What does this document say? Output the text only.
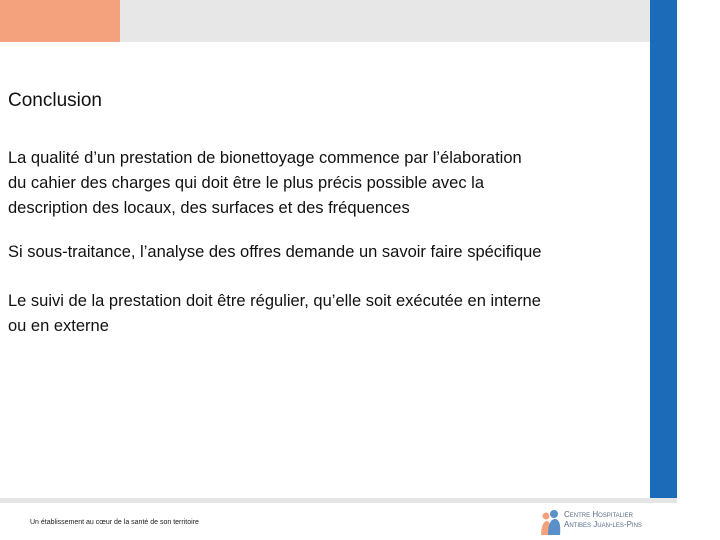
Conclusion

La qualité d’un prestation de bionettoyage commence par l’élaboration
du cahier des charges qui doit être le plus précis possible avec la
description des locaux, des surfaces et des fréquences

Si sous-traitance, l’analyse des offres demande un savoir faire spécifique

Le suivi de la prestation doit être régulier, qu’elle soit exécutée en interne
ou en externe

Un établissement au cœur de la santé de son territoire
Centre Hospitalier
Antibes Juan-les-Pins
